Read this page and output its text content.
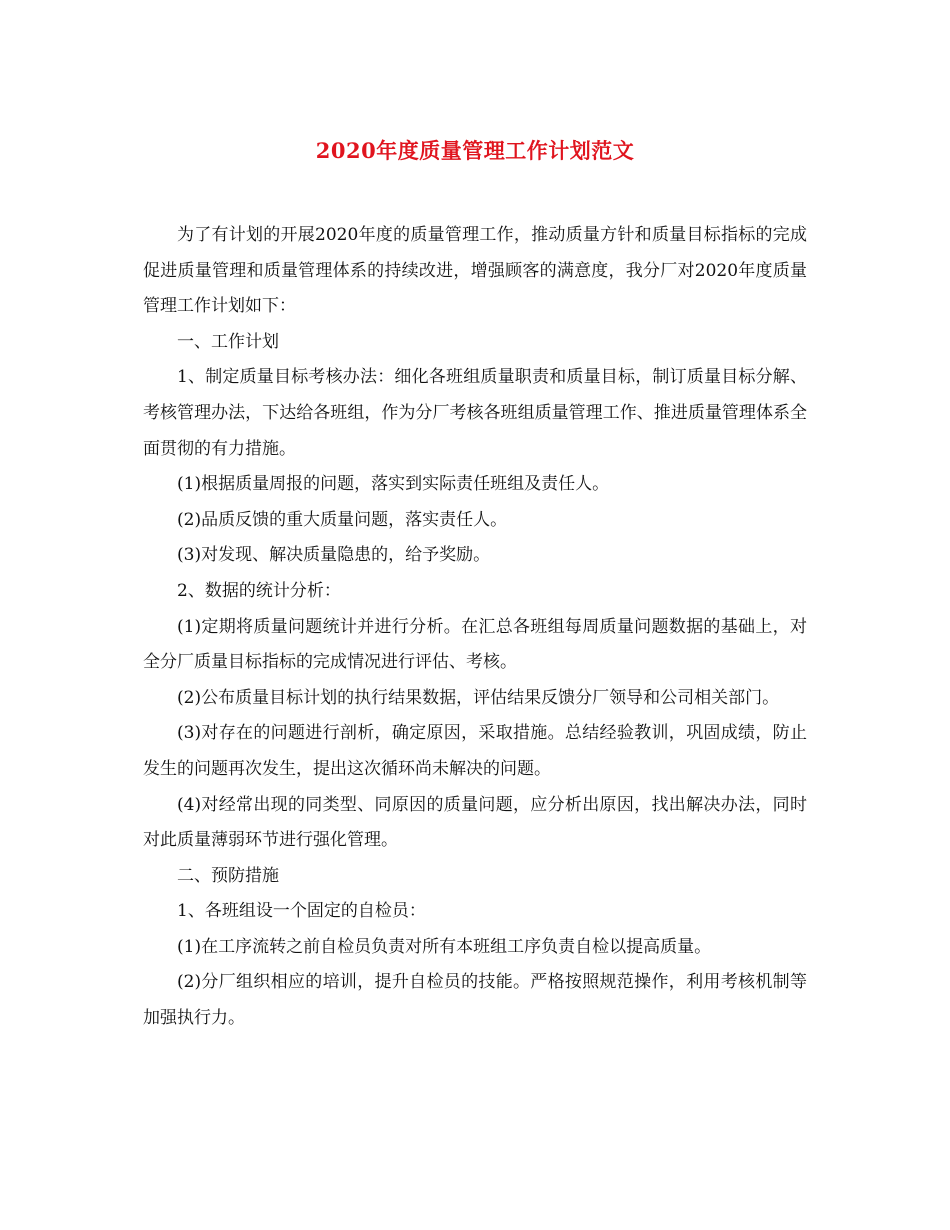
2020年度质量管理工作计划范文

为了有计划的开展2020年度的质量管理工作，推动质量方针和质量目标指标的完成促进质量管理和质量管理体系的持续改进，增强顾客的满意度，我分厂对2020年度质量管理工作计划如下：

一、工作计划

1、制定质量目标考核办法：细化各班组质量职责和质量目标，制订质量目标分解、考核管理办法，下达给各班组，作为分厂考核各班组质量管理工作、推进质量管理体系全面贯彻的有力措施。

(1)根据质量周报的问题，落实到实际责任班组及责任人。

(2)品质反馈的重大质量问题，落实责任人。

(3)对发现、解决质量隐患的，给予奖励。

2、数据的统计分析：

(1)定期将质量问题统计并进行分析。在汇总各班组每周质量问题数据的基础上，对全分厂质量目标指标的完成情况进行评估、考核。

(2)公布质量目标计划的执行结果数据，评估结果反馈分厂领导和公司相关部门。

(3)对存在的问题进行剖析，确定原因，采取措施。总结经验教训，巩固成绩，防止发生的问题再次发生，提出这次循环尚未解决的问题。

(4)对经常出现的同类型、同原因的质量问题，应分析出原因，找出解决办法，同时对此质量薄弱环节进行强化管理。

二、预防措施

1、各班组设一个固定的自检员：

(1)在工序流转之前自检员负责对所有本班组工序负责自检以提高质量。

(2)分厂组织相应的培训，提升自检员的技能。严格按照规范操作，利用考核机制等加强执行力。
